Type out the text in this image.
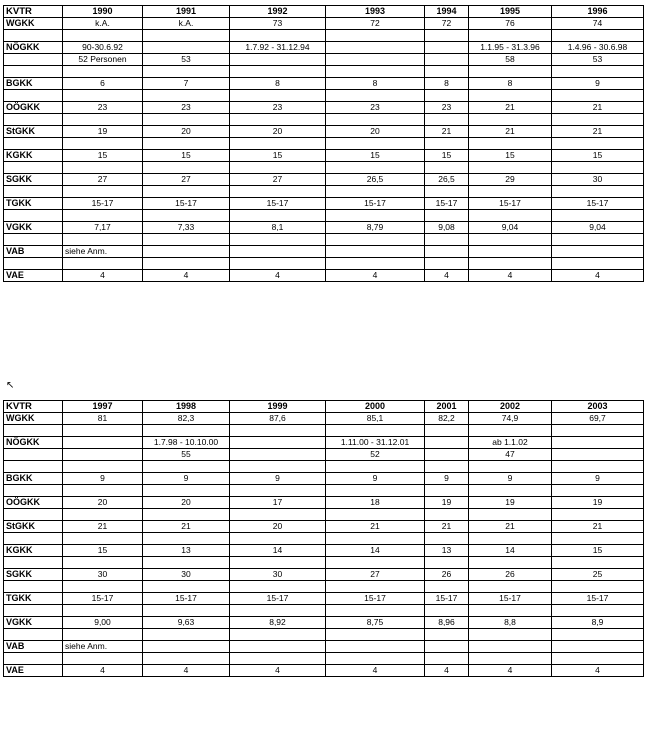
KVTR	1990	1991	1992	1993	1994	1995	1996
WGKK	k.A.	k.A.	73	72	72	76	74

NÖGKK	90-30.6.92		1.7.92 - 31.12.94			1.1.95 - 31.3.96	1.4.96 - 30.6.98
	52 Personen	53				58	53

BGKK	6	7	8	8	8	8	9

OÖGKK	23	23	23	23	23	21	21

StGKK	19	20	20	20	21	21	21

KGKK	15	15	15	15	15	15	15

SGKK	27	27	27	26,5	26,5	29	30

TGKK	15-17	15-17	15-17	15-17	15-17	15-17	15-17

VGKK	7,17	7,33	8,1	8,79	9,08	9,04	9,04

VAB	siehe Anm.						

VAE	4	4	4	4	4	4	4
↖
KVTR	1997	1998	1999	2000	2001	2002	2003
WGKK	81	82,3	87,6	85,1	82,2	74,9	69,7

NÖGKK		1.7.98 - 10.10.00		1.11.00 - 31.12.01		ab 1.1.02	
		55		52		47	

BGKK	9	9	9	9	9	9	9

OÖGKK	20	20	17	18	19	19	19

StGKK	21	21	20	21	21	21	21

KGKK	15	13	14	14	13	14	15

SGKK	30	30	30	27	26	26	25

TGKK	15-17	15-17	15-17	15-17	15-17	15-17	15-17

VGKK	9,00	9,63	8,92	8,75	8,96	8,8	8,9

VAB	siehe Anm.						

VAE	4	4	4	4	4	4	4
